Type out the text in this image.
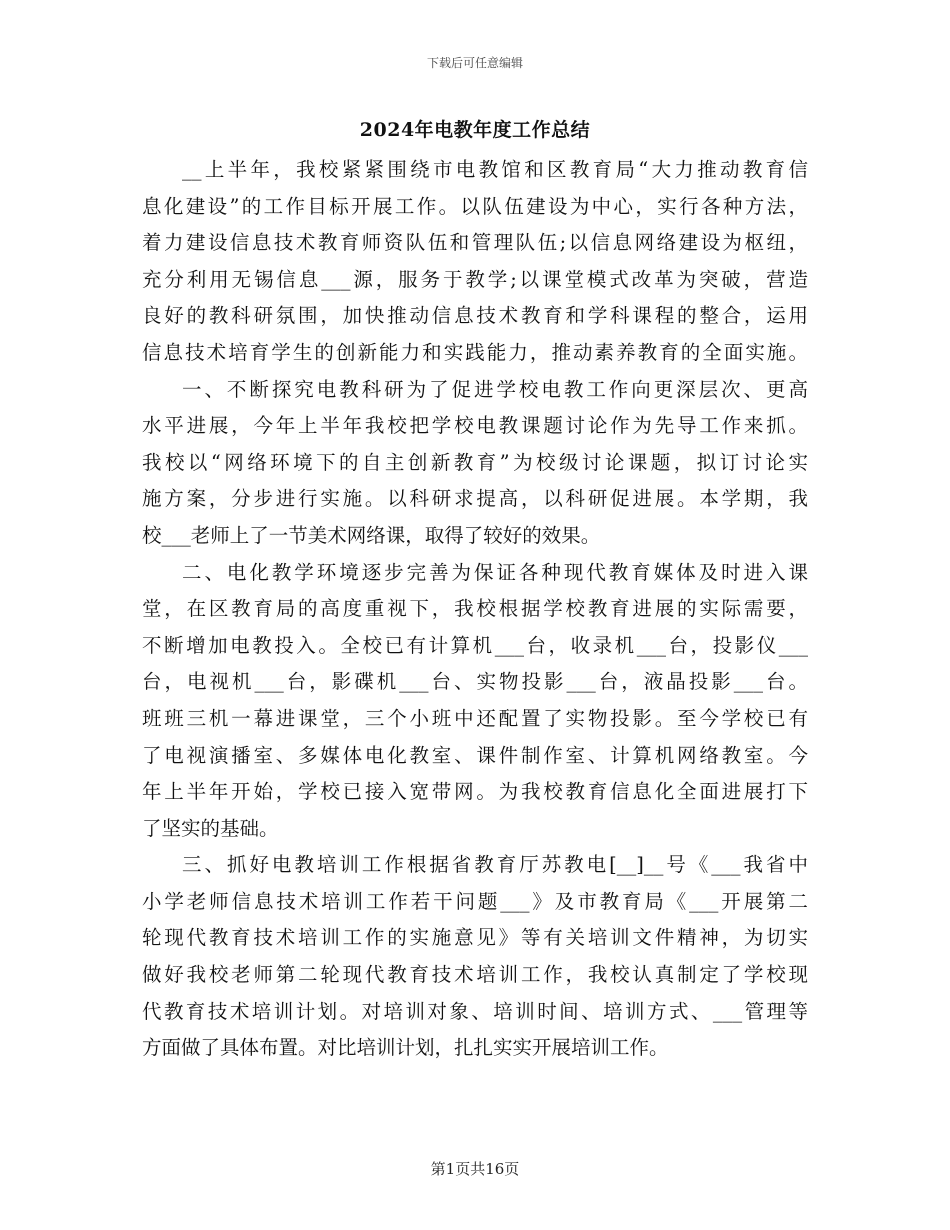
下载后可任意编辑
2024年电教年度工作总结
__上半年，我校紧紧围绕市电教馆和区教育局“大力推动教育信
息化建设”的工作目标开展工作。以队伍建设为中心，实行各种方法，
着力建设信息技术教育师资队伍和管理队伍;以信息网络建设为枢纽，
充分利用无锡信息___源，服务于教学;以课堂模式改革为突破，营造
良好的教科研氛围，加快推动信息技术教育和学科课程的整合，运用
信息技术培育学生的创新能力和实践能力，推动素养教育的全面实施。
一、不断探究电教科研为了促进学校电教工作向更深层次、更高
水平进展，今年上半年我校把学校电教课题讨论作为先导工作来抓。
我校以“网络环境下的自主创新教育”为校级讨论课题，拟订讨论实
施方案，分步进行实施。以科研求提高，以科研促进展。本学期，我
校___老师上了一节美术网络课，取得了较好的效果。
二、电化教学环境逐步完善为保证各种现代教育媒体及时进入课
堂，在区教育局的高度重视下，我校根据学校教育进展的实际需要，
不断增加电教投入。全校已有计算机___台，收录机___台，投影仪___
台，电视机___台，影碟机___台、实物投影___台，液晶投影___台。
班班三机一幕进课堂，三个小班中还配置了实物投影。至今学校已有
了电视演播室、多媒体电化教室、课件制作室、计算机网络教室。今
年上半年开始，学校已接入宽带网。为我校教育信息化全面进展打下
了坚实的基础。
三、抓好电教培训工作根据省教育厅苏教电[__]__号《___我省中
小学老师信息技术培训工作若干问题___》及市教育局《___开展第二
轮现代教育技术培训工作的实施意见》等有关培训文件精神，为切实
做好我校老师第二轮现代教育技术培训工作，我校认真制定了学校现
代教育技术培训计划。对培训对象、培训时间、培训方式、___管理等
方面做了具体布置。对比培训计划，扎扎实实开展培训工作。
第1页共16页
